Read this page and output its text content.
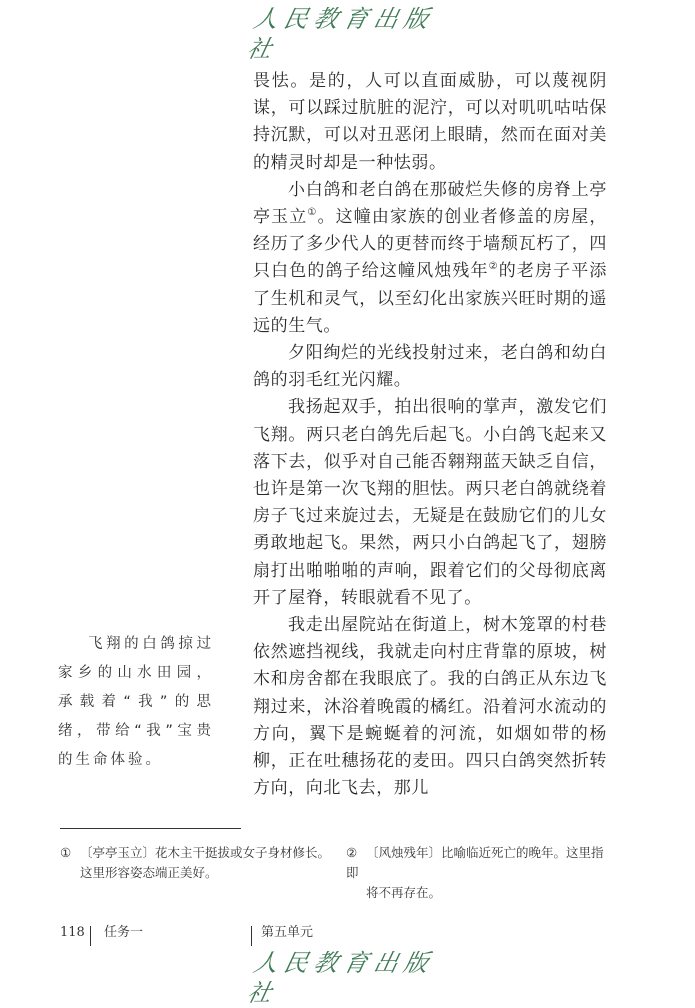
人民教育出版社

畏怯。是的，人可以直面威胁，可以蔑视阴谋，可以踩过肮脏的泥泞，可以对叽叽咕咕保持沉默，可以对丑恶闭上眼睛，然而在面对美的精灵时却是一种怯弱。

小白鸽和老白鸽在那破烂失修的房脊上亭亭玉立①。这幢由家族的创业者修盖的房屋，经历了多少代人的更替而终于墙颓瓦朽了，四只白色的鸽子给这幢风烛残年②的老房子平添了生机和灵气，以至幻化出家族兴旺时期的遥远的生气。

夕阳绚烂的光线投射过来，老白鸽和幼白鸽的羽毛红光闪耀。

我扬起双手，拍出很响的掌声，激发它们飞翔。两只老白鸽先后起飞。小白鸽飞起来又落下去，似乎对自己能否翱翔蓝天缺乏自信，也许是第一次飞翔的胆怯。两只老白鸽就绕着房子飞过来旋过去，无疑是在鼓励它们的儿女勇敢地起飞。果然，两只小白鸽起飞了，翅膀扇打出啪啪啪的声响，跟着它们的父母彻底离开了屋脊，转眼就看不见了。

我走出屋院站在街道上，树木笼罩的村巷依然遮挡视线，我就走向村庄背靠的原坡，树木和房舍都在我眼底了。我的白鸽正从东边飞翔过来，沐浴着晚霞的橘红。沿着河水流动的方向，翼下是蜿蜒着的河流，如烟如带的杨柳，正在吐穗扬花的麦田。四只白鸽突然折转方向，向北飞去，那儿

飞翔的白鸽掠过家乡的山水田园，承载着“我”的思绪，带给“我”宝贵的生命体验。

① 〔亭亭玉立〕花木主干挺拔或女子身材修长。
这里形容姿态端正美好。
② 〔风烛残年〕比喻临近死亡的晚年。这里指即
将不再存在。
118 任务一	第五单元
人民教育出版社
